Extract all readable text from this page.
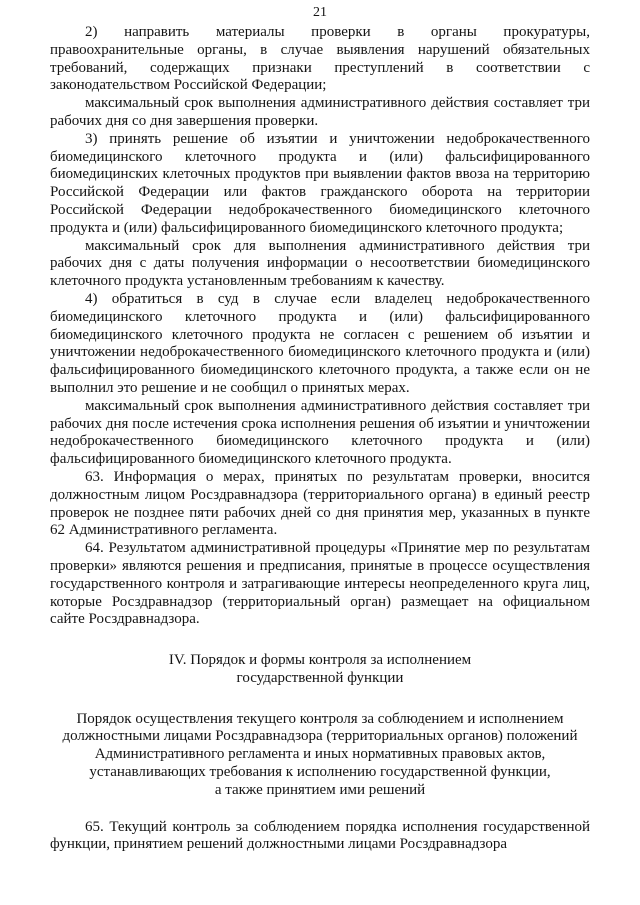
21

2) направить материалы проверки в органы прокуратуры, правоохранительные органы, в случае выявления нарушений обязательных требований, содержащих признаки преступлений в соответствии с законодательством Российской Федерации;

максимальный срок выполнения административного действия составляет три рабочих дня со дня завершения проверки.

3) принять решение об изъятии и уничтожении недоброкачественного биомедицинского клеточного продукта и (или) фальсифицированного биомедицинских клеточных продуктов при выявлении фактов ввоза на территорию Российской Федерации или фактов гражданского оборота на территории Российской Федерации недоброкачественного биомедицинского клеточного продукта и (или) фальсифицированного биомедицинского клеточного продукта;

максимальный срок для выполнения административного действия три рабочих дня с даты получения информации о несоответствии биомедицинского клеточного продукта установленным требованиям к качеству.

4) обратиться в суд в случае если владелец недоброкачественного биомедицинского клеточного продукта и (или) фальсифицированного биомедицинского клеточного продукта не согласен с решением об изъятии и уничтожении недоброкачественного биомедицинского клеточного продукта и (или) фальсифицированного биомедицинского клеточного продукта, а также если он не выполнил это решение и не сообщил о принятых мерах.

максимальный срок выполнения административного действия составляет три рабочих дня после истечения срока исполнения решения об изъятии и уничтожении недоброкачественного биомедицинского клеточного продукта и (или) фальсифицированного биомедицинского клеточного продукта.

63. Информация о мерах, принятых по результатам проверки, вносится должностным лицом Росздравнадзора (территориального органа) в единый реестр проверок не позднее пяти рабочих дней со дня принятия мер, указанных в пункте 62 Административного регламента.

64. Результатом административной процедуры «Принятие мер по результатам проверки» являются решения и предписания, принятые в процессе осуществления государственного контроля и затрагивающие интересы неопределенного круга лиц, которые Росздравнадзор (территориальный орган) размещает на официальном сайте Росздравнадзора.

IV. Порядок и формы контроля за исполнением
государственной функции
Порядок осуществления текущего контроля за соблюдением и исполнением
должностными лицами Росздравнадзора (территориальных органов) положений
Административного регламента и иных нормативных правовых актов,
устанавливающих требования к исполнению государственной функции,
а также принятием ими решений

65. Текущий контроль за соблюдением порядка исполнения государственной функции, принятием решений должностными лицами Росздравнадзора
